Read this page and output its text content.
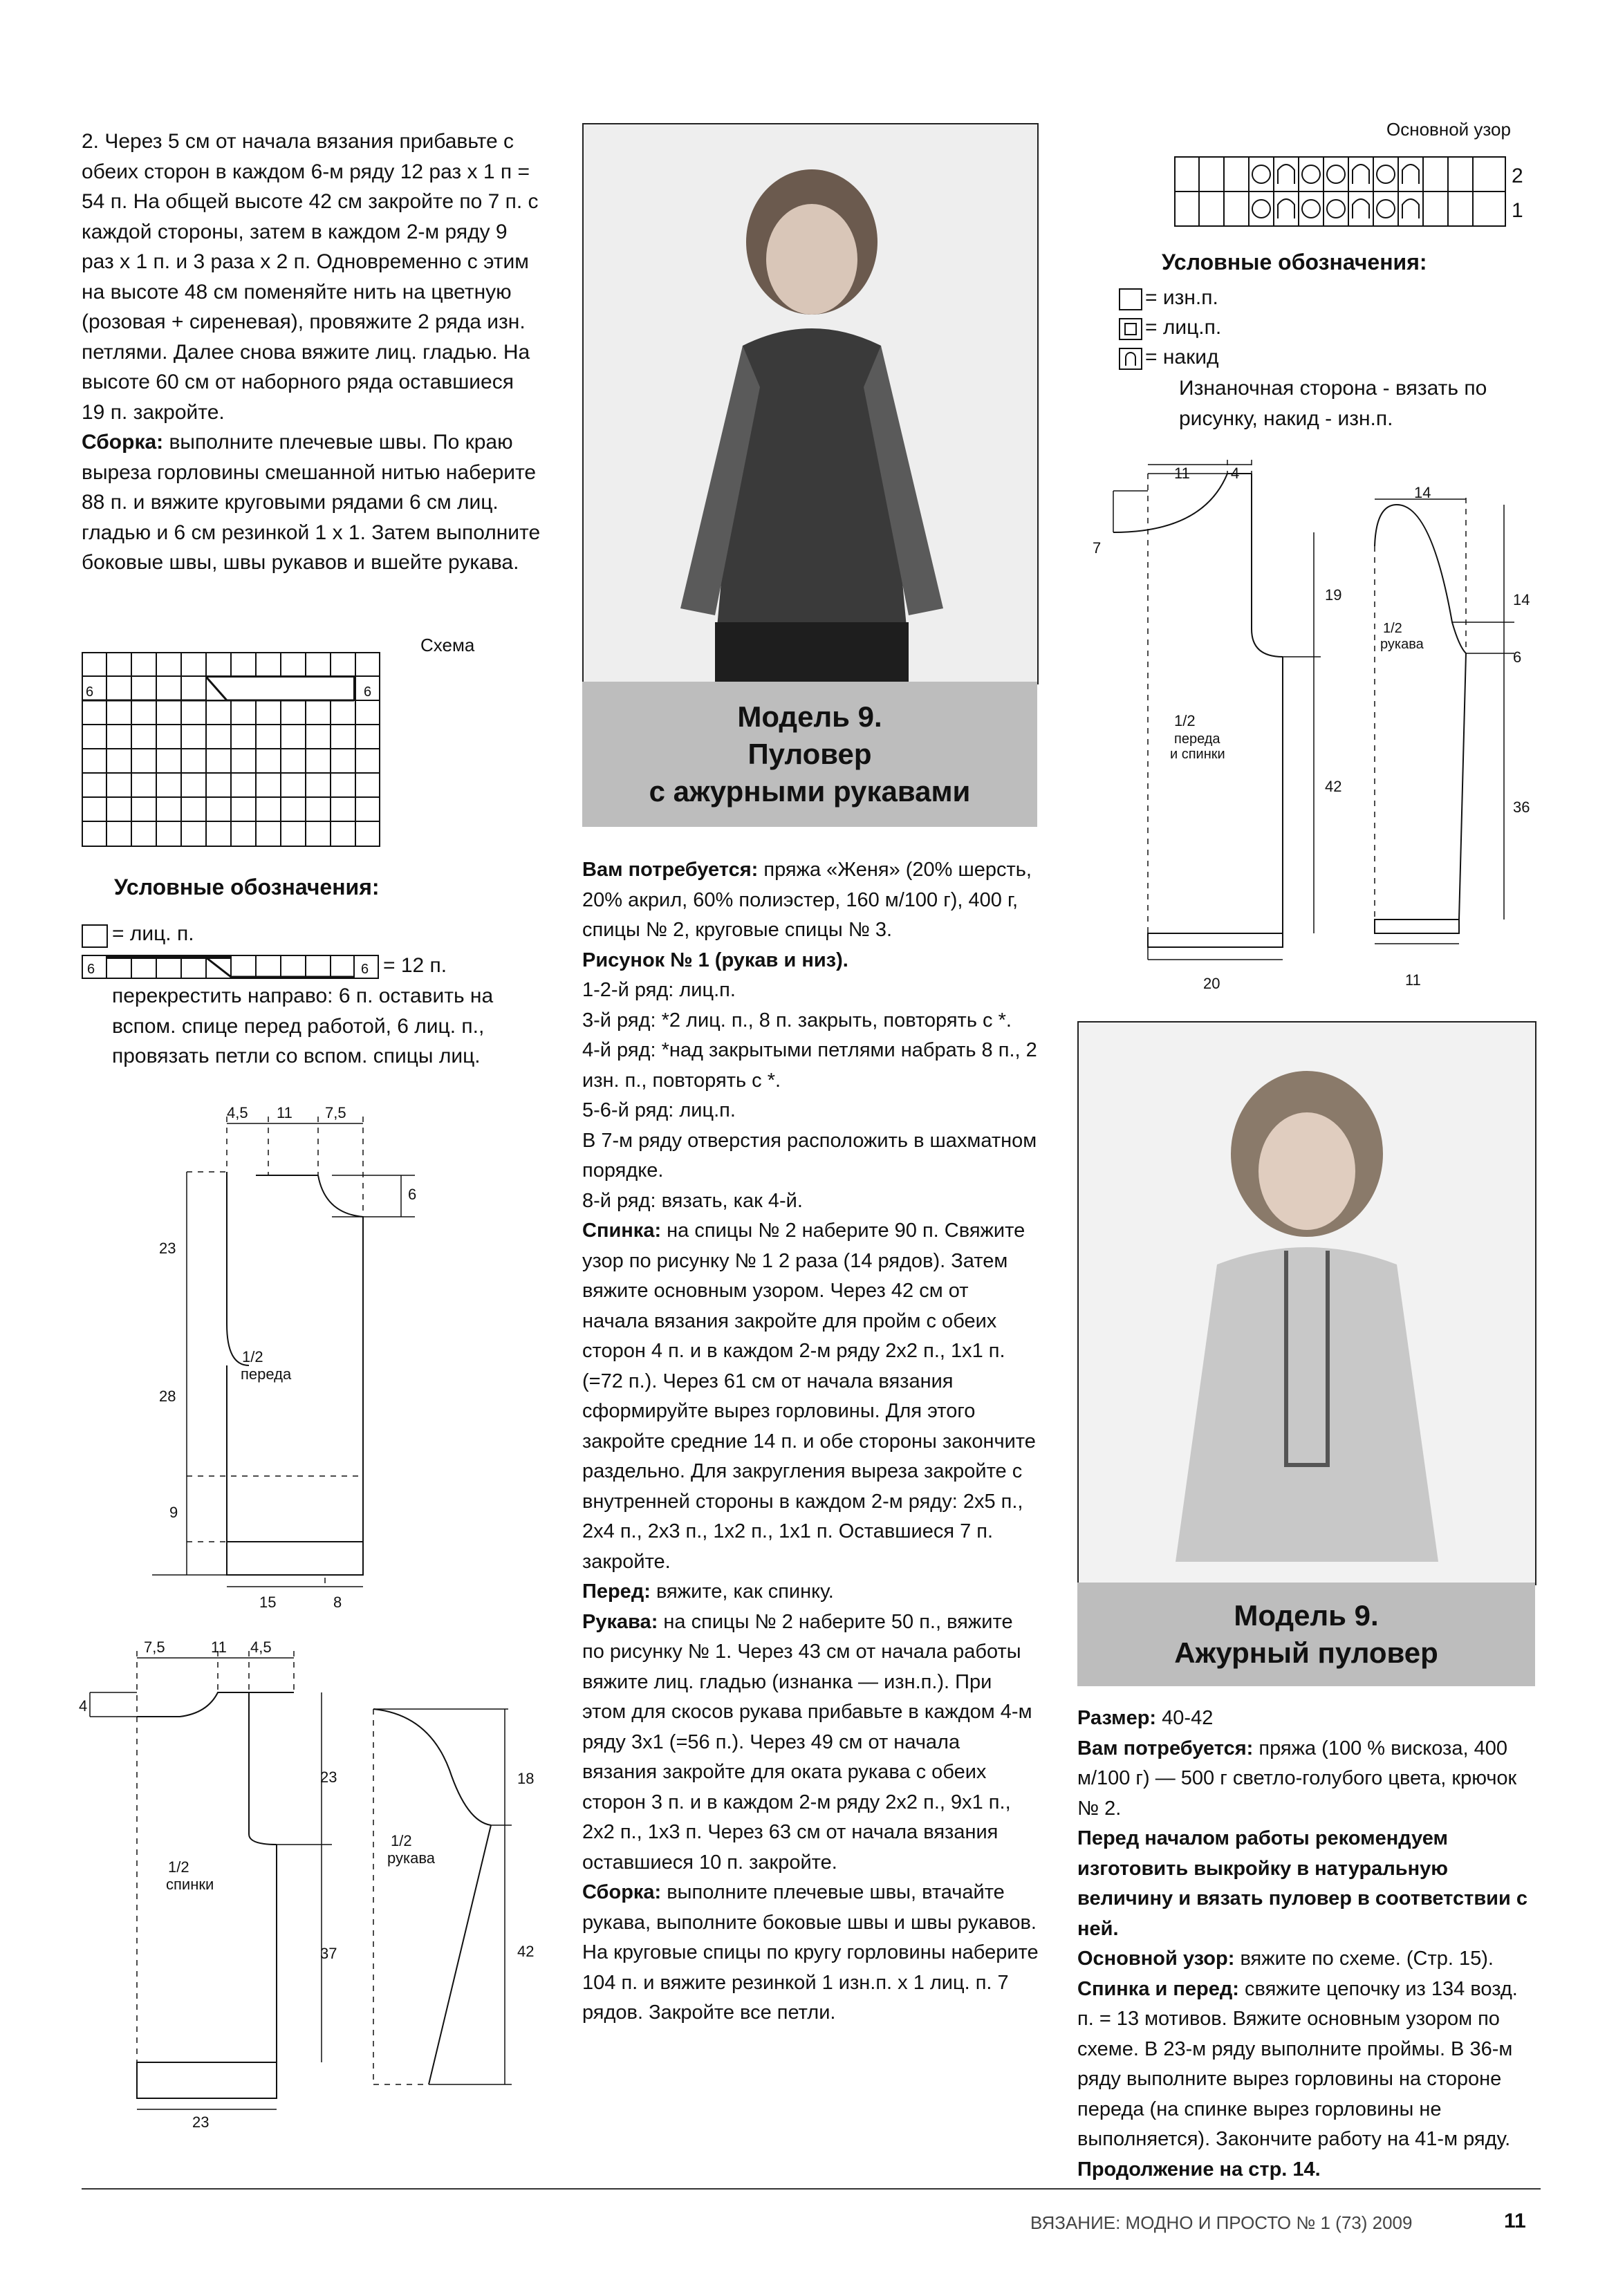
2. Через 5 см от начала вязания прибавьте с обеих сторон в каждом 6-м ряду 12 раз х 1 п = 54 п. На общей высоте 42 см закройте по 7 п. с каждой стороны, затем в каждом 2-м ряду 9 раз х 1 п. и 3 раза х 2 п. Одновременно с этим на высоте 48 см поменяйте нить на цветную (розовая + сиреневая), провяжите 2 ряда изн. петлями. Далее снова вяжите лиц. гладью. На высоте 60 см от наборного ряда оставшиеся 19 п. закройте.

Сборка: выполните плечевые швы. По краю выреза горловины смешанной нитью наберите 88 п. и вяжите круговыми рядами 6 см лиц. гладью и 6 см резинкой 1 х 1. Затем выполните боковые швы, швы рукавов и вшейте рукава.

Схема
6	6
Условные обозначения:
= лиц. п.
6	6 = 12 п.
перекрестить направо: 6 п. оставить на вспом. спице перед работой, 6 лиц. п., провязать петли со вспом. спицы лиц.
4,5 11 7,5
6
23
28
9
15	8
1/2
переда
7,5	11 4,5
4
23
37
23
1/2
спинки
18
42
1/2
рукава
Модель 9.
Пуловер
с ажурными рукавами

Вам потребуется: пряжа «Женя» (20% шерсть, 20% акрил, 60% полиэстер, 160 м/100 г), 400 г, спицы № 2, круговые спицы № 3.

Рисунок № 1 (рукав и низ).

1-2-й ряд: лиц.п.

3-й ряд: *2 лиц. п., 8 п. закрыть, повторять с *.

4-й ряд: *над закрытыми петлями набрать 8 п., 2 изн. п., повторять с *.

5-6-й ряд: лиц.п.

В 7-м ряду отверстия расположить в шахматном порядке.

8-й ряд: вязать, как 4-й.

Спинка: на спицы № 2 наберите 90 п. Свяжите узор по рисунку № 1 2 раза (14 рядов). Затем вяжите основным узором. Через 42 см от начала вязания закройте для пройм с обеих сторон 4 п. и в каждом 2-м ряду 2х2 п., 1х1 п. (=72 п.). Через 61 см от начала вязания сформируйте вырез горловины. Для этого закройте средние 14 п. и обе стороны закончите раздельно. Для закругления выреза закройте с внутренней стороны в каждом 2-м ряду: 2х5 п., 2х4 п., 2х3 п., 1х2 п., 1х1 п. Оставшиеся 7 п. закройте.

Перед: вяжите, как спинку.

Рукава: на спицы № 2 наберите 50 п., вяжите по рисунку № 1. Через 43 см от начала работы вяжите лиц. гладью (изнанка — изн.п.). При этом для скосов рукава прибавьте в каждом 4-м ряду 3х1 (=56 п.). Через 49 см от начала вязания закройте для оката рукава с обеих сторон 3 п. и в каждом 2-м ряду 2х2 п., 9х1 п., 2х2 п., 1х3 п. Через 63 см от начала вязания оставшиеся 10 п. закройте.

Сборка: выполните плечевые швы, втачайте рукава, выполните боковые швы и швы рукавов. На круговые спицы по кругу горловины наберите 104 п. и вяжите резинкой 1 изн.п. х 1 лиц. п. 7 рядов. Закройте все петли.

Основной узор
2
1
Условные обозначения:
= изн.п.
= лиц.п.
= накид
Изнаночная сторона - вязать по рисунку, накид - изн.п.
11	4
7
19
42
20
1/2
переда
и спинки
14
14
6
36
11
1/2
рукава
Модель 9.
Ажурный пуловер

Размер: 40-42

Вам потребуется: пряжа (100 % вискоза, 400 м/100 г) — 500 г светло-голубого цвета, крючок № 2.

Перед началом работы рекомендуем изготовить выкройку в натуральную величину и вязать пуловер в соответствии с ней.

Основной узор: вяжите по схеме. (Стр. 15).

Спинка и перед: свяжите цепочку из 134 возд. п. = 13 мотивов. Вяжите основным узором по схеме. В 23-м ряду выполните проймы. В 36-м ряду выполните вырез горловины на стороне переда (на спинке вырез горловины не выполняется). Закончите работу на 41-м ряду.

Продолжение на стр. 14.

ВЯЗАНИЕ: МОДНО И ПРОСТО № 1 (73) 2009	11
